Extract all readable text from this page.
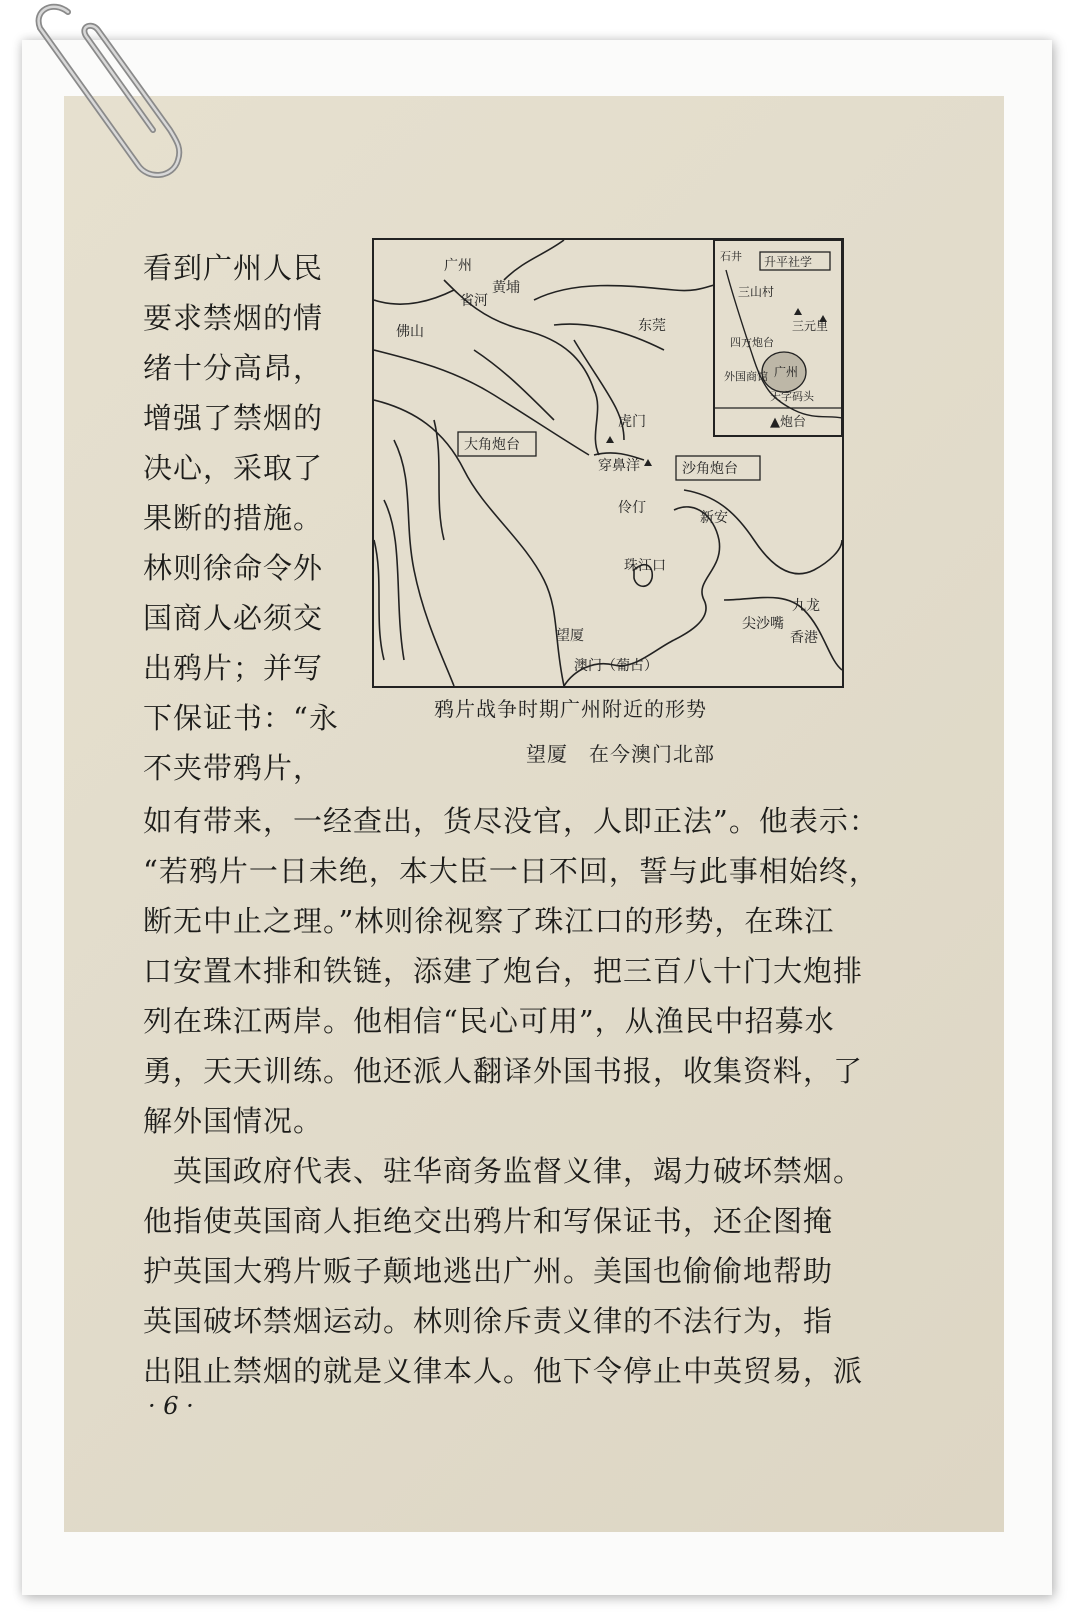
看到广州人民
要求禁烟的情
绪十分高昂，
增强了禁烟的
决心，采取了
果断的措施。
林则徐命令外
国商人必须交
出鸦片；并写
下保证书：“永
不夹带鸦片，
广州
黄埔
省河
佛山	东莞
虎门
大角炮台
沙角炮台
穿鼻洋
新安
伶仃
珠江口
九龙
尖沙嘴
香港
望厦
澳门（葡占）
升平社学
石井
三山村
三元里
四方炮台
广州
外国商馆
天字码头
▲炮台
鸦片战争时期广州附近的形势
望厦　在今澳门北部
如有带来，一经查出，货尽没官，人即正法”。他表示：
“若鸦片一日未绝，本大臣一日不回，誓与此事相始终，
断无中止之理。”林则徐视察了珠江口的形势，在珠江
口安置木排和铁链，添建了炮台，把三百八十门大炮排
列在珠江两岸。他相信“民心可用”，从渔民中招募水
勇，天天训练。他还派人翻译外国书报，收集资料，了
解外国情况。
　英国政府代表、驻华商务监督义律，竭力破坏禁烟。
他指使英国商人拒绝交出鸦片和写保证书，还企图掩
护英国大鸦片贩子颠地逃出广州。美国也偷偷地帮助
英国破坏禁烟运动。林则徐斥责义律的不法行为，指
出阻止禁烟的就是义律本人。他下令停止中英贸易，派
· 6 ·
